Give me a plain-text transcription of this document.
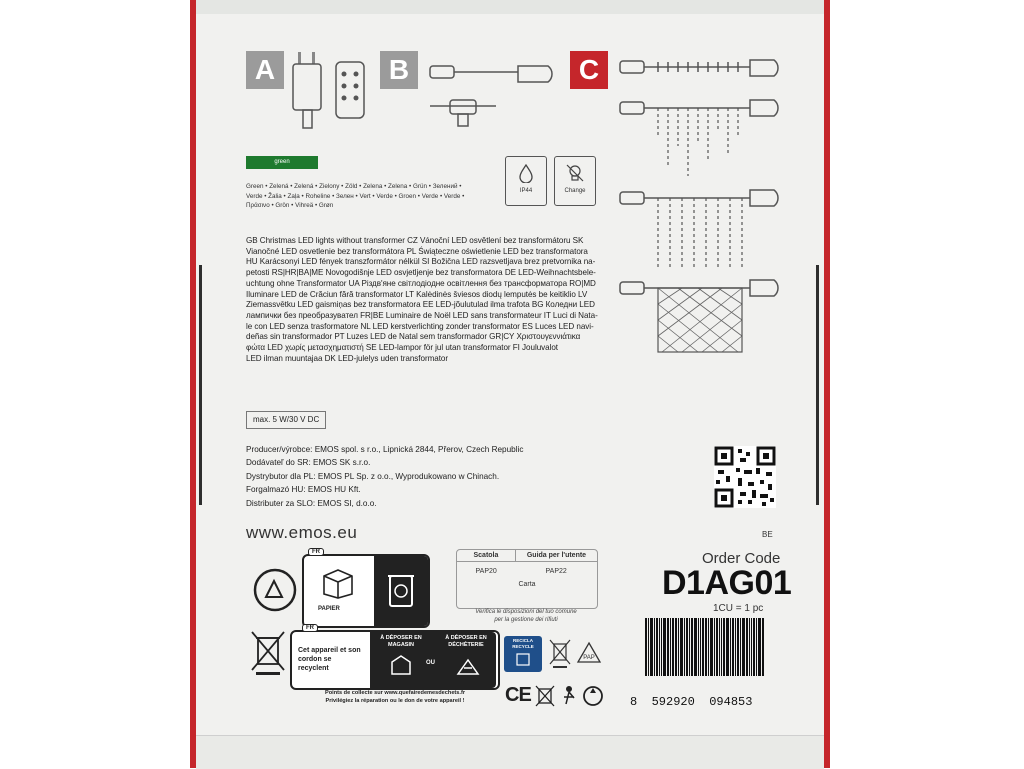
A	B	C
green
Green • Zelená • Zelená • Zielony • Zöld • Zelena • Zelena • Grün • Зелений •
Verde • Žalia • Zaļa • Roheline • Зелен • Vert • Verde • Groen • Verde • Verde •
Πράσινο • Grön • Vihreä • Grøn
IP44	Change
GB Christmas LED lights without transformer CZ Vánoční LED osvětlení bez transformátoru SK
Vianočné LED osvetlenie bez transformátora PL Świąteczne oświetlenie LED bez transformatora
HU Karácsonyi LED fények transzformátor nélkül SI Božična LED razsvetljava brez pretvornika na-
petosti RS|HR|BA|ME Novogodišnje LED osvjetljenje bez transformatora DE LED-Weihnachtsbele-
uchtung ohne Transformator UA Різдв'яне світлодіодне освітлення без трансформатора RO|MD
Iluminare LED de Crăciun fără transformator LT Kalėdinės šviesos diodų lemputės be keitiklio LV
Ziemassvētku LED gaismiņas bez transformatora EE LED-jõulutulad ilma trafota BG Коледни LED
лампички без преобразувател FR|BE Luminaire de Noël LED sans transformateur IT Luci di Nata-
le con LED senza trasformatore NL LED kerstverlichting zonder transformator ES Luces LED navi-
deñas sin transformador PT Luzes LED de Natal sem transformador GR|CY Χριστουγεννιάτικα
φώτα LED χωρίς μετασχηματιστή SE LED-lampor för jul utan transformator FI Jouluvalot
LED ilman muuntajaa DK LED-julelys uden transformator
max. 5 W/30 V DC
Producer/výrobce: EMOS spol. s r.o., Lipnická 2844, Přerov, Czech Republic
Dodávateľ do SR: EMOS SK s.r.o.
Dystrybutor dla PL: EMOS PL Sp. z o.o., Wyprodukowano w Chinach.
Forgalmazó HU: EMOS HU Kft.
Distributer za SLO: EMOS SI, d.o.o.
www.emos.eu	BE
Order Code
D1AG01
1CU = 1 pc
8  592920  094853
Scatola	Guida per l'utente
PAP20	PAP22
Carta
Verifica le disposizioni del tuo comune
per la gestione dei rifiuti
FR
PAPIER
FR
Cet appareil et son cordon se recyclent
À DÉPOSER EN MAGASIN
OU
À DÉPOSER EN DÉCHÈTERIE
Points de collecte sur www.quefairedemesdechets.fr
Privilégiez la réparation ou le don de votre appareil !
RECICLA
RECYCLE
PAP
CE
